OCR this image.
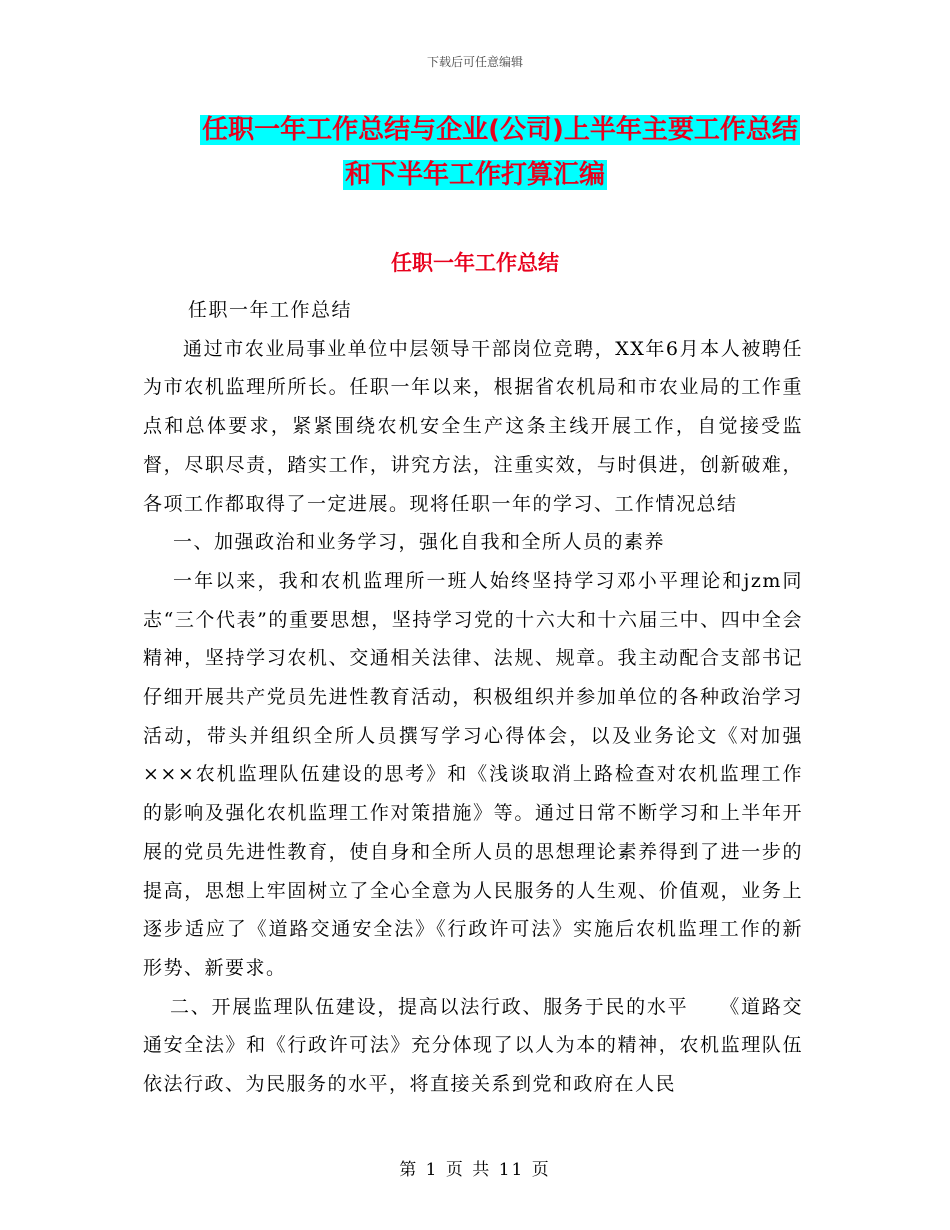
下载后可任意编辑
任职一年工作总结与企业(公司)上半年主要工作总结
和下半年工作打算汇编
任职一年工作总结

任职一年工作总结

通过市农业局事业单位中层领导干部岗位竞聘，XX年6月本人被聘任为市农机监理所所长。任职一年以来，根据省农机局和市农业局的工作重点和总体要求，紧紧围绕农机安全生产这条主线开展工作，自觉接受监督，尽职尽责，踏实工作，讲究方法，注重实效，与时俱进，创新破难，各项工作都取得了一定进展。现将任职一年的学习、工作情况总结

一、加强政治和业务学习，强化自我和全所人员的素养

一年以来，我和农机监理所一班人始终坚持学习邓小平理论和jzm同志“三个代表”的重要思想，坚持学习党的十六大和十六届三中、四中全会精神，坚持学习农机、交通相关法律、法规、规章。我主动配合支部书记仔细开展共产党员先进性教育活动，积极组织并参加单位的各种政治学习活动，带头并组织全所人员撰写学习心得体会，以及业务论文《对加强×××农机监理队伍建设的思考》和《浅谈取消上路检查对农机监理工作的影响及强化农机监理工作对策措施》等。通过日常不断学习和上半年开展的党员先进性教育，使自身和全所人员的思想理论素养得到了进一步的提高，思想上牢固树立了全心全意为人民服务的人生观、价值观，业务上逐步适应了《道路交通安全法》《行政许可法》实施后农机监理工作的新形势、新要求。

二、开展监理队伍建设，提高以法行政、服务于民的水平　　《道路交通安全法》和《行政许可法》充分体现了以人为本的精神，农机监理队伍依法行政、为民服务的水平，将直接关系到党和政府在人民

第 1 页 共 11 页
